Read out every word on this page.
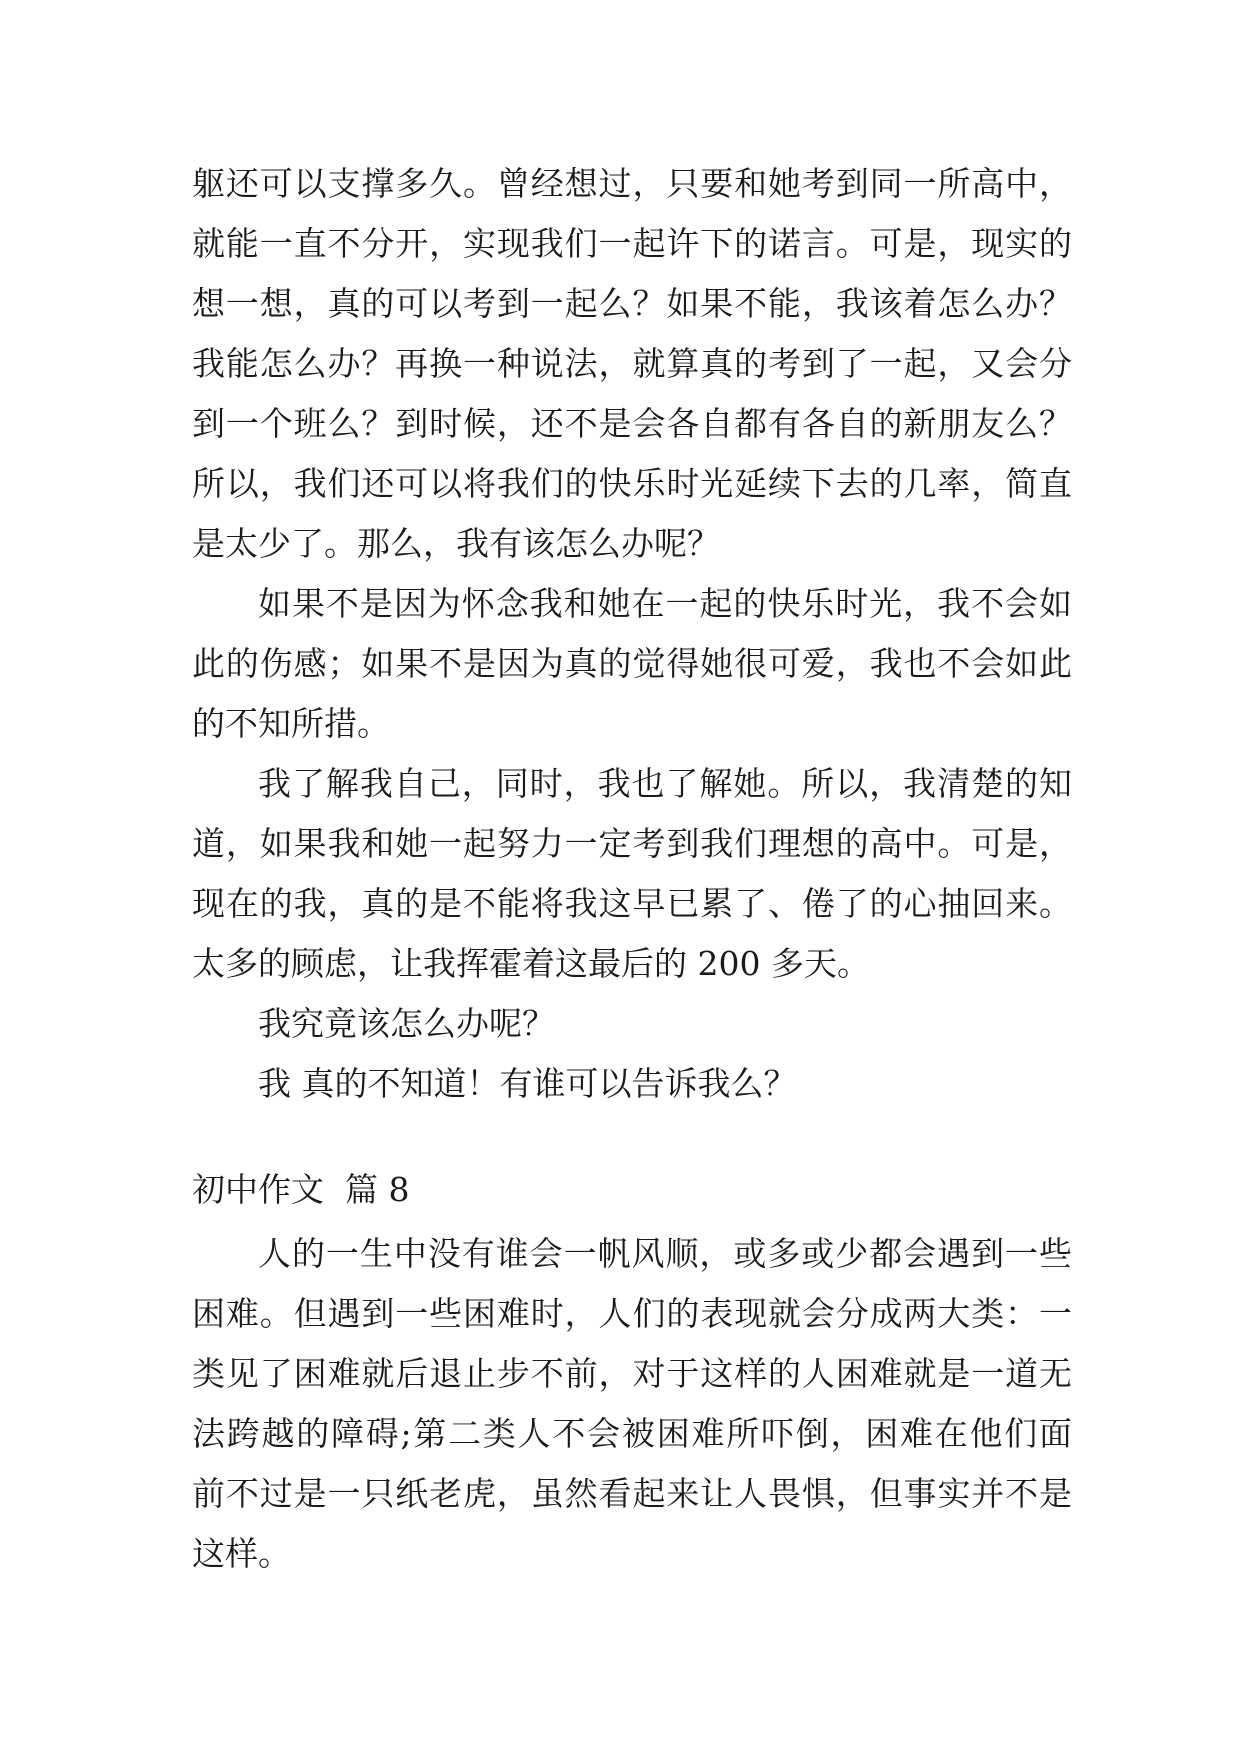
躯还可以支撑多久。曾经想过，只要和她考到同一所高中，
就能一直不分开，实现我们一起许下的诺言。可是，现实的
想一想，真的可以考到一起么？如果不能，我该着怎么办？
我能怎么办？再换一种说法，就算真的考到了一起，又会分
到一个班么？到时候，还不是会各自都有各自的新朋友么？
所以，我们还可以将我们的快乐时光延续下去的几率，简直
是太少了。那么，我有该怎么办呢？
如果不是因为怀念我和她在一起的快乐时光，我不会如
此的伤感；如果不是因为真的觉得她很可爱，我也不会如此
的不知所措。
我了解我自己，同时，我也了解她。所以，我清楚的知
道，如果我和她一起努力一定考到我们理想的高中。可是，
现在的我，真的是不能将我这早已累了、倦了的心抽回来。
太多的顾虑，让我挥霍着这最后的 200 多天。
我究竟该怎么办呢？
我 真的不知道！有谁可以告诉我么？
初中作文  篇 8
人的一生中没有谁会一帆风顺，或多或少都会遇到一些
困难。但遇到一些困难时，人们的表现就会分成两大类：一
类见了困难就后退止步不前，对于这样的人困难就是一道无
法跨越的障碍;第二类人不会被困难所吓倒，困难在他们面
前不过是一只纸老虎，虽然看起来让人畏惧，但事实并不是
这样。
